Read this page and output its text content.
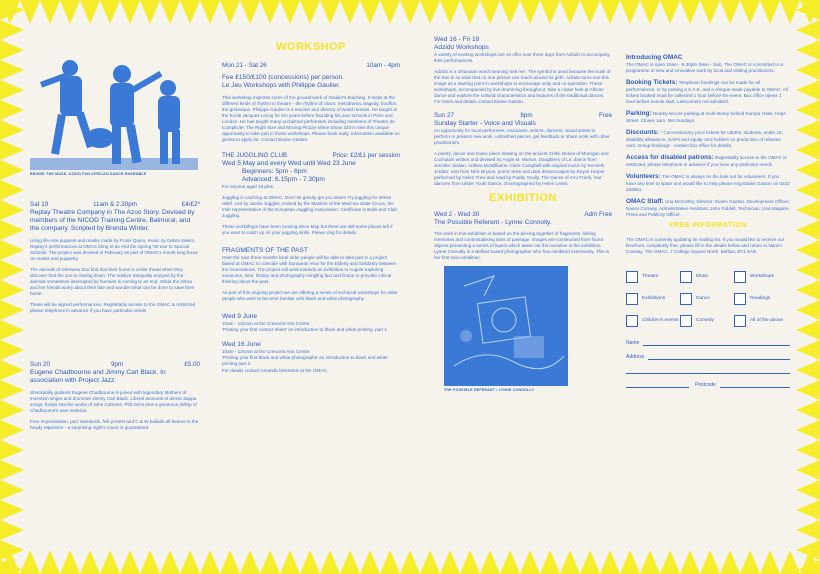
BEHIND THE MASK. AZIDO PAN AFRICAN DANCE ENSEMBLE
Sat 19	11am & 2.30pm	£4/£2*

Replay Theatre Company in The Azoo Story. Devised by members of the NICOD Training Centre, Balmoral, and the company. Scripted by Brenda Winter.

Using life-size puppets and masks made by Frank Quinn, music by Debra Salem, Replay's performances at OMAC bring to an end the Spring '90 tour to Special Schools. The project was devised in February as part of OMAC's month long focus on masks and puppetry.

The animals of Glenview Zoo find that their home is under threat when they discover that the zoo is closing down. The relative tranquility enjoyed by the animals sometimes interrupted by humans is coming to an end. Zelda the zebra and her friends worry about their fate and wonder what can be done to save their home.

These will be signed performances. Regrettably access to the OMAC is restricted please telephone in advance if you have particular needs.

Sun 20	9pm	£5.00

Eugene Chadbourne and Jimmy Carl Black. In association with Project Jazz.

Shockabilly guitarist Eugene Chadbourne is joined with legendary Mothers of Invention singer and drummer Jimmy Carl Black. Liberal amounts of dense Zappa songs, forays into the works of John Coltrane, Phil Ochs plus a generous dollop of Chadbourne's own material.

Free improvisation, jazz standards, folk protest and C & W ballads all feature in the heady repertoire - a surprising night's music is guaranteed.

WORKSHOP
Mon 21 - Sat 26	10am - 4pm
Fee £150/£100 (concessions) per person.

Le Jeu Workshops with Philippe Gaulier.

This workshop explores some of the ground work of Gaulier's teaching. It looks at the different kinds of rhythm in theatre - the rhythm of clown, melodrama, tragedy, bouffon, the grotesque. Philippe Gaulier is a teacher and director of world renown. He taught at the Ecole Jacques Lecoq for ten years before founding his own schools in Paris and London. He has taught many acclaimed performers including members of Theatre de Complicite, The Right Size and Moving Picture Mime Show. Don't miss this unique opportunity to take part in these workshops. Please book early. Information available on grants to apply for. Contact Elaine Gaston.

THE JUGGLING CLUB	Price: £2/£1 per session
Wed 5 May and every Wed until Wed 23 June
Beginners: 5pm - 6pm
Advanced: 6.15pm - 7.30pm

For anyone aged 16 plus.

Juggling is catching at OMAC. Don't let gravity get you down! Try juggling for stress relief. Led by Jackie Juggles, trained by the Masters of the Moscow State Circus, the Irish representative of the European Juggling Association, Certificate in Balls and Club Juggling.

These workshops have been running since May but there are still some places left if you want to catch up on your juggling skills. Please ring for details.

FRAGMENTS OF THE PAST

Over the next three months local older people will be able to take part in a project based at OMAC to coincide with European Year for the Elderly and Solidarity between the Generations. The project will work towards an exhibition in August exploring museums, time, history and photography mingling fact and fiction to provoke critical thinking about the past.

As part of this ongoing project we are offering a series of technical workshops for older people who wish to become familiar with black and white photography.

Wed 9 June
10am - 12noon at the Crescent Arts Centre

'Printing your first contact sheet' an introduction to black and white printing. part 1.

Wed 16 June
10am - 12noon at the Crescent Arts Centre

'Printing your first black and white photographs' an introduction to black and white printing part 2.

For details contact Amanda McKittrick at the OMAC.

Wed 16 - Fri 18
Adzido Workshops

A variety of exciting workshops are on offer over three days from Adzido to accompany their performances.

Adzido is a Ghanaian word meaning 'ask me'. The symbol is used because the trunk of the tree is so wide that no one person can reach around its girth. Adzido turns one this image as a starting point in workshops to encourage unity and co-operation. These workshops, accompanied by live drumming throughout, take a closer look at African dance and explore the cultural characteristics and features of the traditional dances. For times and details contact Elaine Gaston.

Sun 27	8pm	Free
Sunday Starter - Voice and Visuals

An opportunity for local performers, musicians, writers, dancers, visual artists to perform or present new work, unfinished pieces, get feedback or share work with other practitioners.

A poetry, dance and music piece drawing on the ancient Celtic stories of Morrigan and Cuchulain written and devised by Angie M. Morton, Daughters of Lir, dance from Jennifer Jordan, Anthea McWilliams, Clare Campbell with original music by Kenneth Jordan; solo from Nick Bryson; poetic texts and dark dreamscapes by Royce Harper performed by Helen Trew and read by Paddy Scully, The Dance of Amr Frank, four dancers from Ulster Youth Dance, choreographed by Helen Lewis.

EXHIBITION
Wed 2 - Wed 30	Adm Free
The Possible Referent - Lynne Connolly.

The work in this exhibition is based on the piecing together of fragments, linking memories and contextualising sites of passage. Images are constructed from found objects presenting a series of layers which tease out the narrative in the exhibition. Lynne Connolly is a Belfast based photographer who has exhibited extensively. This is her first solo exhibition.

THE POSSIBLE REFERANT / LYNNE CONNOLLY
Introducing OMAC

The OMAC is open 10am - 5.30pm (Mon - Sat). The OMAC is committed to a programme of new and innovative work by local and visiting practitioners.

Booking Tickets: Telephone bookings can be made for all performances, or by posting a S.A.E. and a cheque made payable to OMAC. All tickets booked must be collected 1 hour before the event. Box office opens 1 hour before events start. Latecomers not admitted.

Parking: Nearby secure parking at multi-storey behind Europa Hotel, Hope Street. Closes 1am. Not Sundays.

Discounts: * Concessionary price tickets for UB40s, students, under 18, disability allowance, OAPs and equity card holders on production of relevant card. Group bookings - contact box office for details.

Access for disabled patrons: Regrettably access to the OMAC is restricted, please telephone in advance if you have any particular needs.

Volunteers: The OMAC is always on the look out for volunteers. If you have any time to spare and would like to help please ring Elaine Gaston on 0232 233651.

OMAC Staff: Una McCarthy, Director; Elaine Gaston, Development Officer; Naomi Conway, Administrative Assistant; John Riddell, Technician; Una Maguire, Press and Publicity Officer.

FREE INFORMATION

The OMAC is currently updating its mailing list. If you would like to receive our brochure, completely free, please fill in the details below and return to Naomi Conway, The OMAC, 7 College Square North, Belfast, BT1 6AR.

Theatre	Music	Workshops
Exhibitions	Dance	Readings
Children's events	Comedy	All of the above
Name
Address
Postcode
